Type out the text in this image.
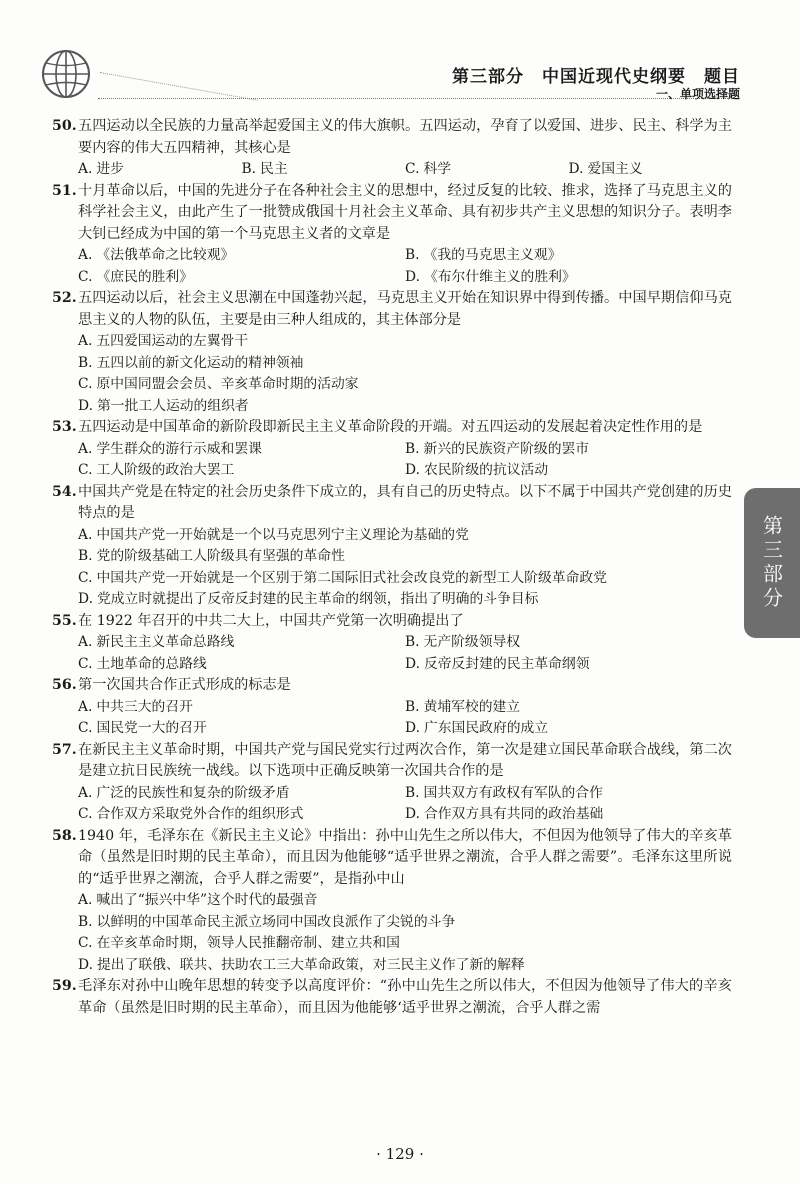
第三部分　中国近现代史纲要　题目
一、单项选择题
50. 五四运动以全民族的力量高举起爱国主义的伟大旗帜。五四运动，孕育了以爱国、进步、民主、科学为主要内容的伟大五四精神，其核心是
A. 进步	B. 民主	C. 科学	D. 爱国主义
51. 十月革命以后，中国的先进分子在各种社会主义的思想中，经过反复的比较、推求，选择了马克思主义的科学社会主义，由此产生了一批赞成俄国十月社会主义革命、具有初步共产主义思想的知识分子。表明李大钊已经成为中国的第一个马克思主义者的文章是
A. 《法俄革命之比较观》	B. 《我的马克思主义观》
C. 《庶民的胜利》	D. 《布尔什维主义的胜利》
52. 五四运动以后，社会主义思潮在中国蓬勃兴起，马克思主义开始在知识界中得到传播。中国早期信仰马克思主义的人物的队伍，主要是由三种人组成的，其主体部分是
A. 五四爱国运动的左翼骨干
B. 五四以前的新文化运动的精神领袖
C. 原中国同盟会会员、辛亥革命时期的活动家
D. 第一批工人运动的组织者
53. 五四运动是中国革命的新阶段即新民主主义革命阶段的开端。对五四运动的发展起着决定性作用的是
A. 学生群众的游行示威和罢课	B. 新兴的民族资产阶级的罢市
C. 工人阶级的政治大罢工	D. 农民阶级的抗议活动
54. 中国共产党是在特定的社会历史条件下成立的，具有自己的历史特点。以下不属于中国共产党创建的历史特点的是
A. 中国共产党一开始就是一个以马克思列宁主义理论为基础的党
B. 党的阶级基础工人阶级具有坚强的革命性
C. 中国共产党一开始就是一个区别于第二国际旧式社会改良党的新型工人阶级革命政党
D. 党成立时就提出了反帝反封建的民主革命的纲领，指出了明确的斗争目标
55. 在 1922 年召开的中共二大上，中国共产党第一次明确提出了
A. 新民主主义革命总路线	B. 无产阶级领导权
C. 土地革命的总路线	D. 反帝反封建的民主革命纲领
56. 第一次国共合作正式形成的标志是
A. 中共三大的召开	B. 黄埔军校的建立
C. 国民党一大的召开	D. 广东国民政府的成立
57. 在新民主主义革命时期，中国共产党与国民党实行过两次合作，第一次是建立国民革命联合战线，第二次是建立抗日民族统一战线。以下选项中正确反映第一次国共合作的是
A. 广泛的民族性和复杂的阶级矛盾	B. 国共双方有政权有军队的合作
C. 合作双方采取党外合作的组织形式	D. 合作双方具有共同的政治基础
58. 1940 年，毛泽东在《新民主主义论》中指出：孙中山先生之所以伟大，不但因为他领导了伟大的辛亥革命（虽然是旧时期的民主革命），而且因为他能够“适乎世界之潮流，合乎人群之需要”。毛泽东这里所说的“适乎世界之潮流，合乎人群之需要”，是指孙中山
A. 喊出了“振兴中华”这个时代的最强音
B. 以鲜明的中国革命民主派立场同中国改良派作了尖锐的斗争
C. 在辛亥革命时期，领导人民推翻帝制、建立共和国
D. 提出了联俄、联共、扶助农工三大革命政策，对三民主义作了新的解释
59. 毛泽东对孙中山晚年思想的转变予以高度评价：“孙中山先生之所以伟大，不但因为他领导了伟大的辛亥革命（虽然是旧时期的民主革命），而且因为他能够‘适乎世界之潮流，合乎人群之需
第三部分
· 129 ·
